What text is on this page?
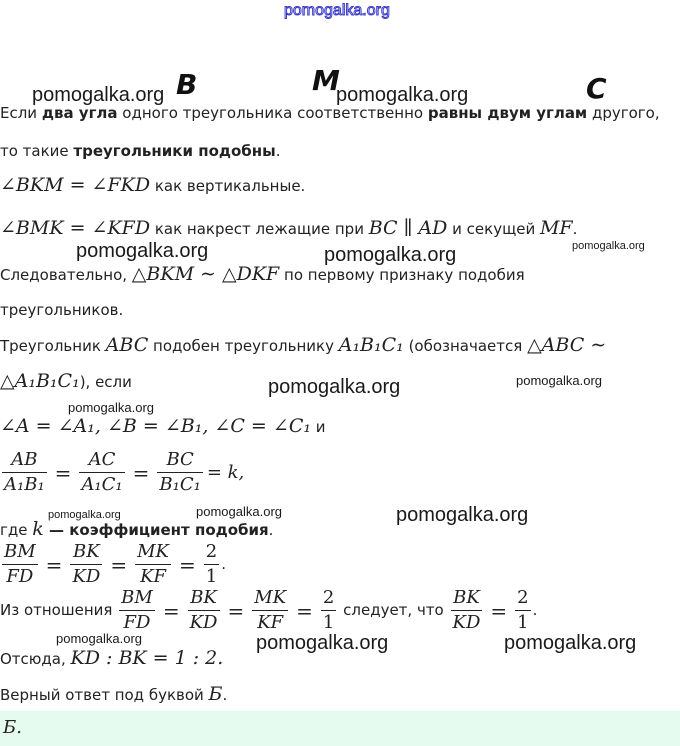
B	M	C
Если два угла одного треугольника соответственно равны двум углам другого,
то такие треугольники подобны.
∠BKM = ∠FKD как вертикальные.
∠BMK = ∠KFD как накрест лежащие при BC ∥ AD и секущей MF.
Следовательно, △BKM ∼ △DKF по первому признаку подобия
треугольников.
Треугольник ABC подобен треугольнику A₁B₁C₁ (обозначается △ABC ∼
△A₁B₁C₁), если
∠A = ∠A₁, ∠B = ∠B₁, ∠C = ∠C₁ и
$\frac{AB}{\text{A₁B₁}} = \frac{AC}{\text{A₁C₁}} = \frac{BC}{\text{B₁C₁}} = k$,
где k — коэффициент подобия.
$\frac{BM}{FD} = \frac{BK}{KD} = \frac{MK}{KF} = \frac{2}{1}$ .
Из отношения $\frac{BM}{FD} = \frac{BK}{KD} = \frac{MK}{KF} = \frac{2}{1}$ следует, что $\frac{BK}{KD} = \frac{2}{1}$ .
Отсюда, KD : BK = 1 : 2.
Верный ответ под буквой Б.
Б.
pomogalka.org
pomogalka.org	pomogalka.org
pomogalka.org	pomogalka.org	pomogalka.org
pomogalka.org	pomogalka.org
pomogalka.org
pomogalka.org	pomogalka.org	pomogalka.org
pomogalka.org	pomogalka.org	pomogalka.org
